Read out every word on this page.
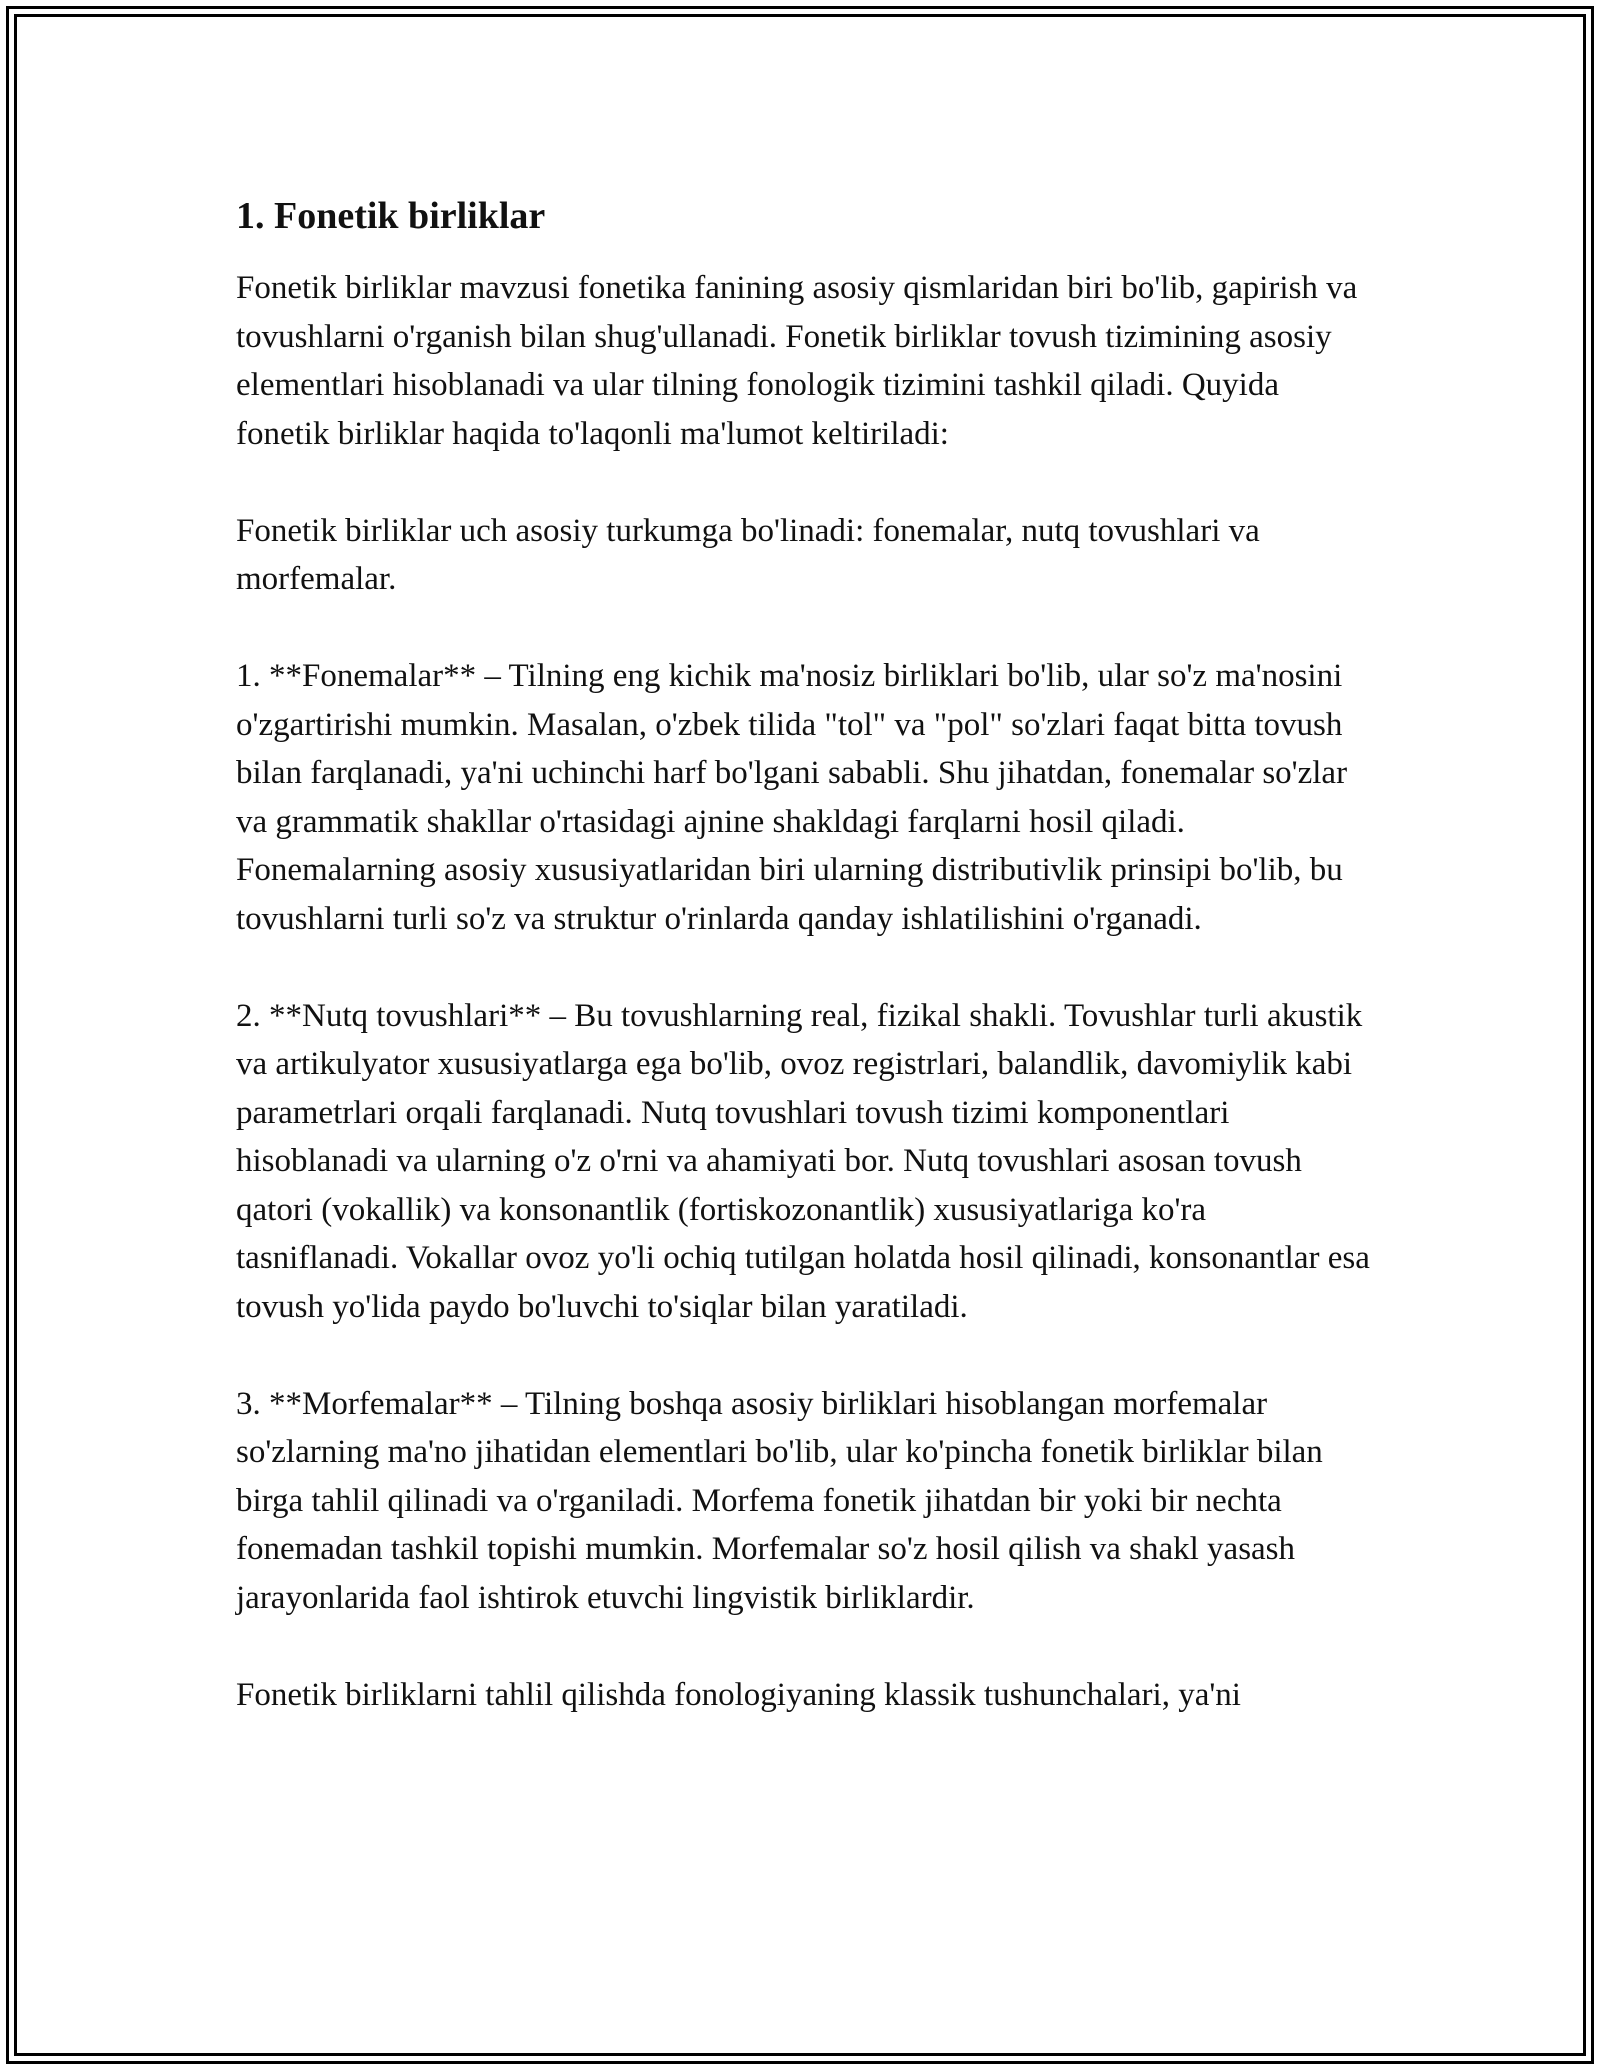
1. Fonetik birliklar

Fonetik birliklar mavzusi fonetika fanining asosiy qismlaridan biri bo'lib, gapirish va tovushlarni o'rganish bilan shug'ullanadi. Fonetik birliklar tovush tizimining asosiy elementlari hisoblanadi va ular tilning fonologik tizimini tashkil qiladi. Quyida fonetik birliklar haqida to'laqonli ma'lumot keltiriladi:

Fonetik birliklar uch asosiy turkumga bo'linadi: fonemalar, nutq tovushlari va morfemalar.

1. **Fonemalar** – Tilning eng kichik ma'nosiz birliklari bo'lib, ular so'z ma'nosini o'zgartirishi mumkin. Masalan, o'zbek tilida "tol" va "pol" so'zlari faqat bitta tovush bilan farqlanadi, ya'ni uchinchi harf bo'lgani sababli. Shu jihatdan, fonemalar so'zlar va grammatik shakllar o'rtasidagi ajnine shakldagi farqlarni hosil qiladi. Fonemalarning asosiy xususiyatlaridan biri ularning distributivlik prinsipi bo'lib, bu tovushlarni turli so'z va struktur o'rinlarda qanday ishlatilishini o'rganadi.

2. **Nutq tovushlari** – Bu tovushlarning real, fizikal shakli. Tovushlar turli akustik va artikulyator xususiyatlarga ega bo'lib, ovoz registrlari, balandlik, davomiylik kabi parametrlari orqali farqlanadi. Nutq tovushlari tovush tizimi komponentlari hisoblanadi va ularning o'z o'rni va ahamiyati bor. Nutq tovushlari asosan tovush qatori (vokallik) va konsonantlik (fortiskozonantlik) xususiyatlariga ko'ra tasniflanadi. Vokallar ovoz yo'li ochiq tutilgan holatda hosil qilinadi, konsonantlar esa tovush yo'lida paydo bo'luvchi to'siqlar bilan yaratiladi.

3. **Morfemalar** – Tilning boshqa asosiy birliklari hisoblangan morfemalar so'zlarning ma'no jihatidan elementlari bo'lib, ular ko'pincha fonetik birliklar bilan birga tahlil qilinadi va o'rganiladi. Morfema fonetik jihatdan bir yoki bir nechta fonemadan tashkil topishi mumkin. Morfemalar so'z hosil qilish va shakl yasash jarayonlarida faol ishtirok etuvchi lingvistik birliklardir.

Fonetik birliklarni tahlil qilishda fonologiyaning klassik tushunchalari, ya'ni
